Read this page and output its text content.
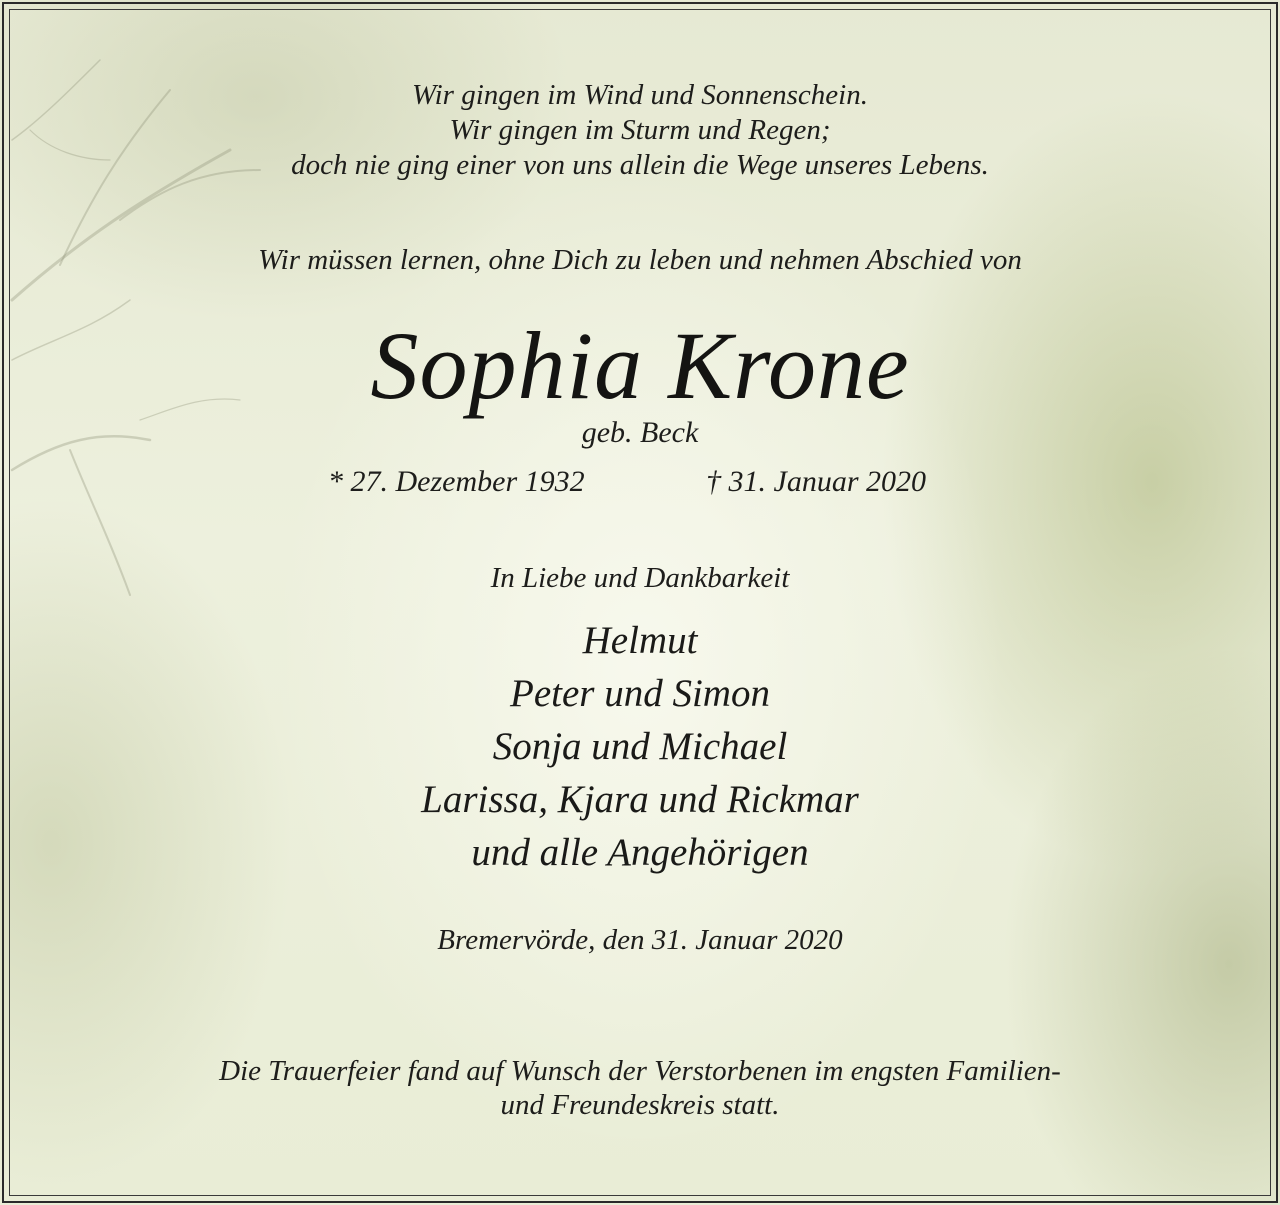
Wir gingen im Wind und Sonnenschein.
Wir gingen im Sturm und Regen;
doch nie ging einer von uns allein die Wege unseres Lebens.

Wir müssen lernen, ohne Dich zu leben und nehmen Abschied von

Sophia Krone

geb. Beck

* 27. Dezember 1932	† 31. Januar 2020

In Liebe und Dankbarkeit

Helmut
Peter und Simon
Sonja und Michael
Larissa, Kjara und Rickmar
und alle Angehörigen

Bremervörde, den 31. Januar 2020

Die Trauerfeier fand auf Wunsch der Verstorbenen im engsten Familien-
und Freundeskreis statt.
